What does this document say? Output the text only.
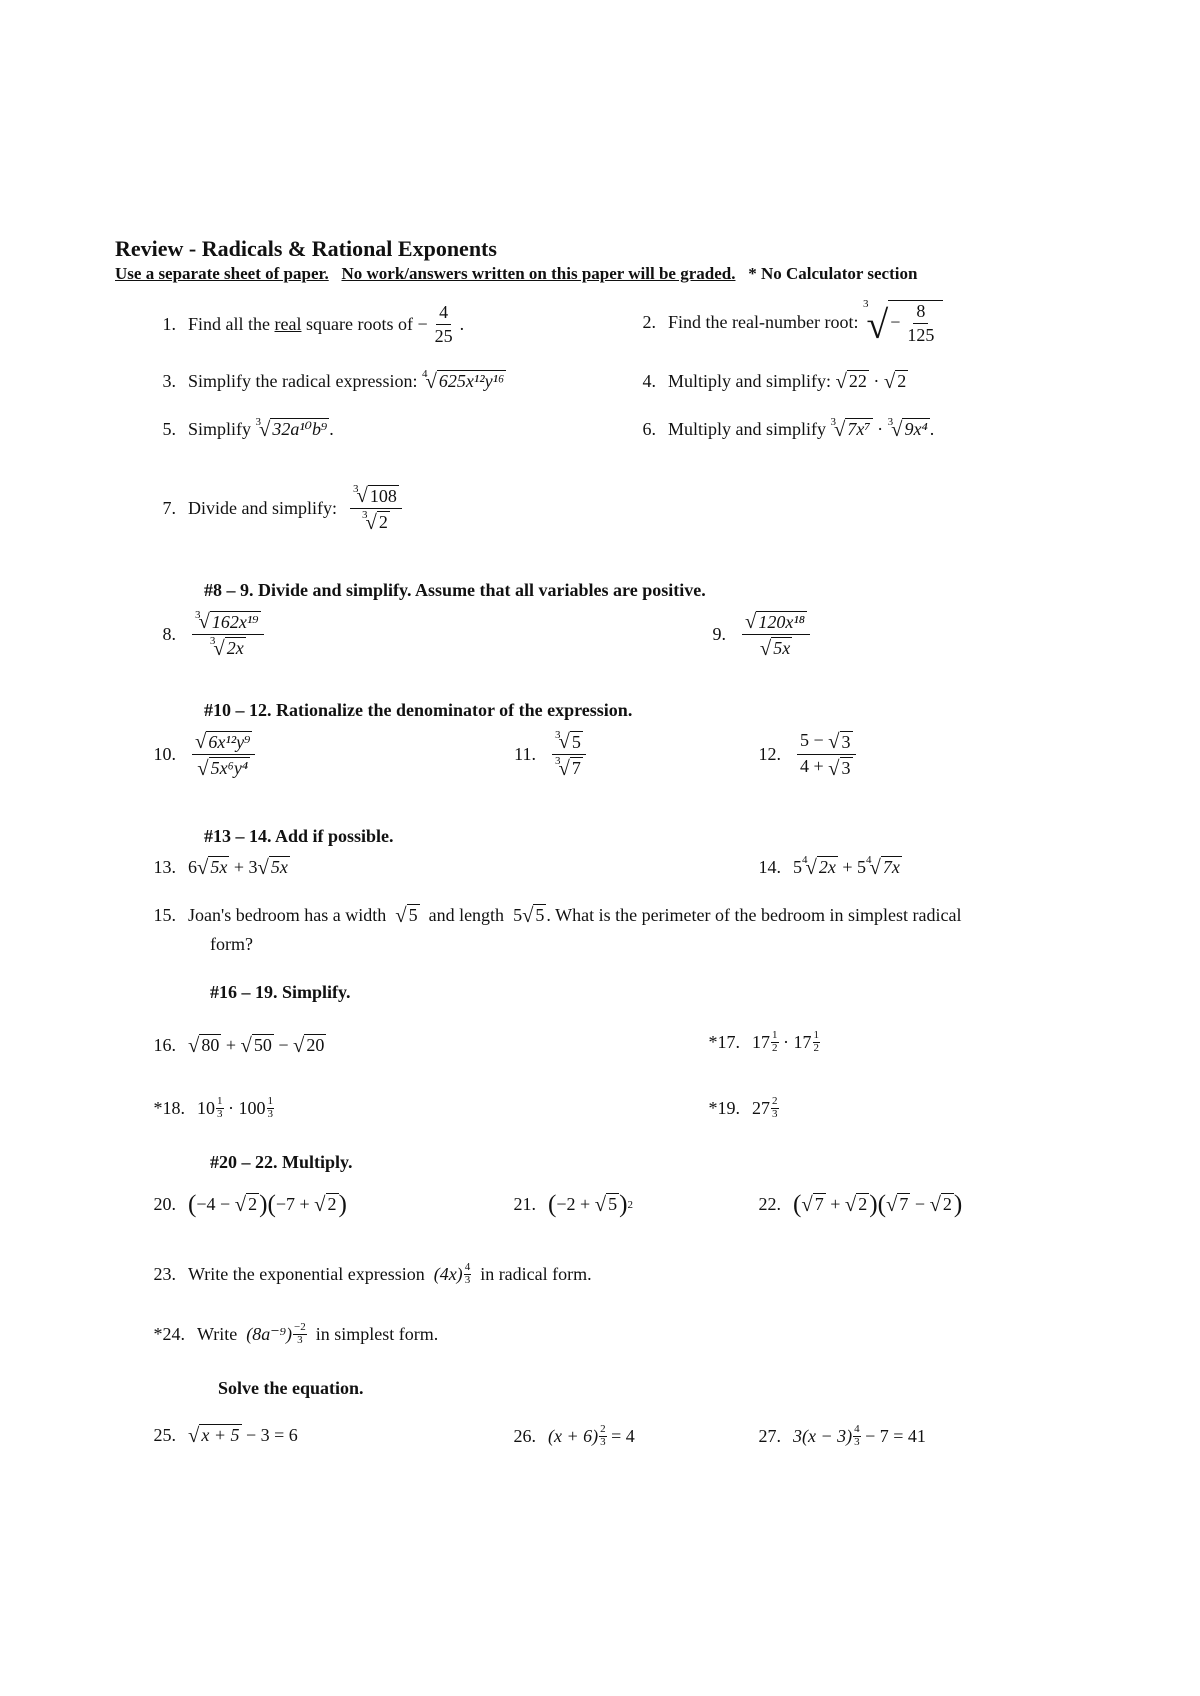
Review - Radicals & Rational Exponents
Use a separate sheet of paper. No work/answers written on this paper will be graded. * No Calculator section
1. Find all the
real
square roots of
− $\frac{4}{25}$ .	2. Find the real-number root:

3
√ − $\frac{8}{125}$
3. Simplify the radical expression:
4
√ 625x¹²y¹⁶	4. Multiply and simplify:
√ 22
·
√ 2
5. Simplify
3
√ 32a¹⁰b⁹ .	6. Multiply and simplify
3
√ 7x⁷
·
3
√ 9x⁴ .
7. Divide and simplify:
3
√ 108
3
√ 2
#8 – 9. Divide and simplify. Assume that all variables are positive.
8. 3
√ 162x¹⁹
3
√ 2x	9. $\frac{\text{√ 120x¹⁸}}{√ 5x}$
#10 – 12. Rationalize the denominator of the expression.
10. $\frac{\text{√ 6x¹²y⁹}}{\text{√ 5x⁶y⁴}}$	11. 3
√ 5
3
√ 7	12. $\frac{5 - √ 3}{4 + √ 3}$
#13 – 14. Add if possible.
13. 6 √ 5x
+
3 √ 5x	14. 5 4
√ 2x
+
5 4
√ 7x
15. Joan's bedroom has a width
√ 5
and length
5 √ 5 . What is the perimeter of the bedroom in simplest radical
form?
#16 – 19. Simplify.
16. √ 80
+
√ 50
−
√ 20	*17. 17 1
2
·
17 1
2
*18. 10 1
3
·
100 1
3	*19. 27 2
3
#20 – 22. Multiply.
20. ( −4 −
√ 2 ) ( −7 +
√ 2 )	21. ( −2 +
√ 5 ) 2	22. ( √ 7
+
√ 2 ) ( √ 7
−
√ 2 )
23. Write the exponential expression
(4x) 4
3
in radical form.
*24. Write
(8a⁻⁹) −2
3
in simplest form.
Solve the equation.
25. √ x + 5
− 3 = 6	26. $(x + 6) \frac{2}{3}$
= 4	27. 3(x − 3) 4
3
− 7 = 41
